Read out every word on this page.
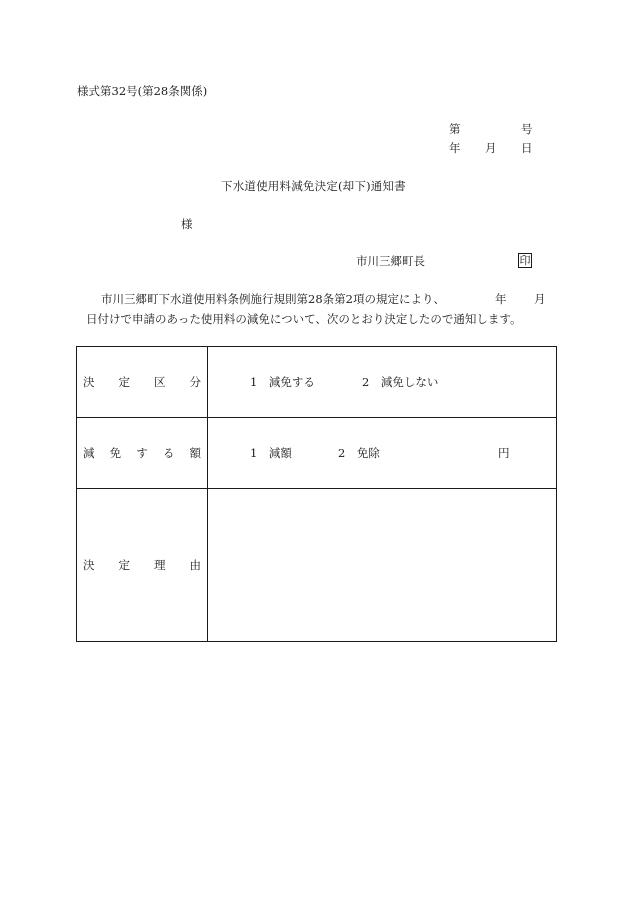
様式第32号(第28条関係)
第	号
年 月 日
下水道使用料減免決定(却下)通知書
様
市川三郷町長	印
市川三郷町下水道使用料条例施行規則第28条第2項の規定により、	年 月
日付けで申請のあった使用料の減免について、次のとおり決定したので通知します。
決 定 区 分	1　減免する 2　減免しない

減 免 す る 額	1　減額 2　免除 円

決 定 理 由	
